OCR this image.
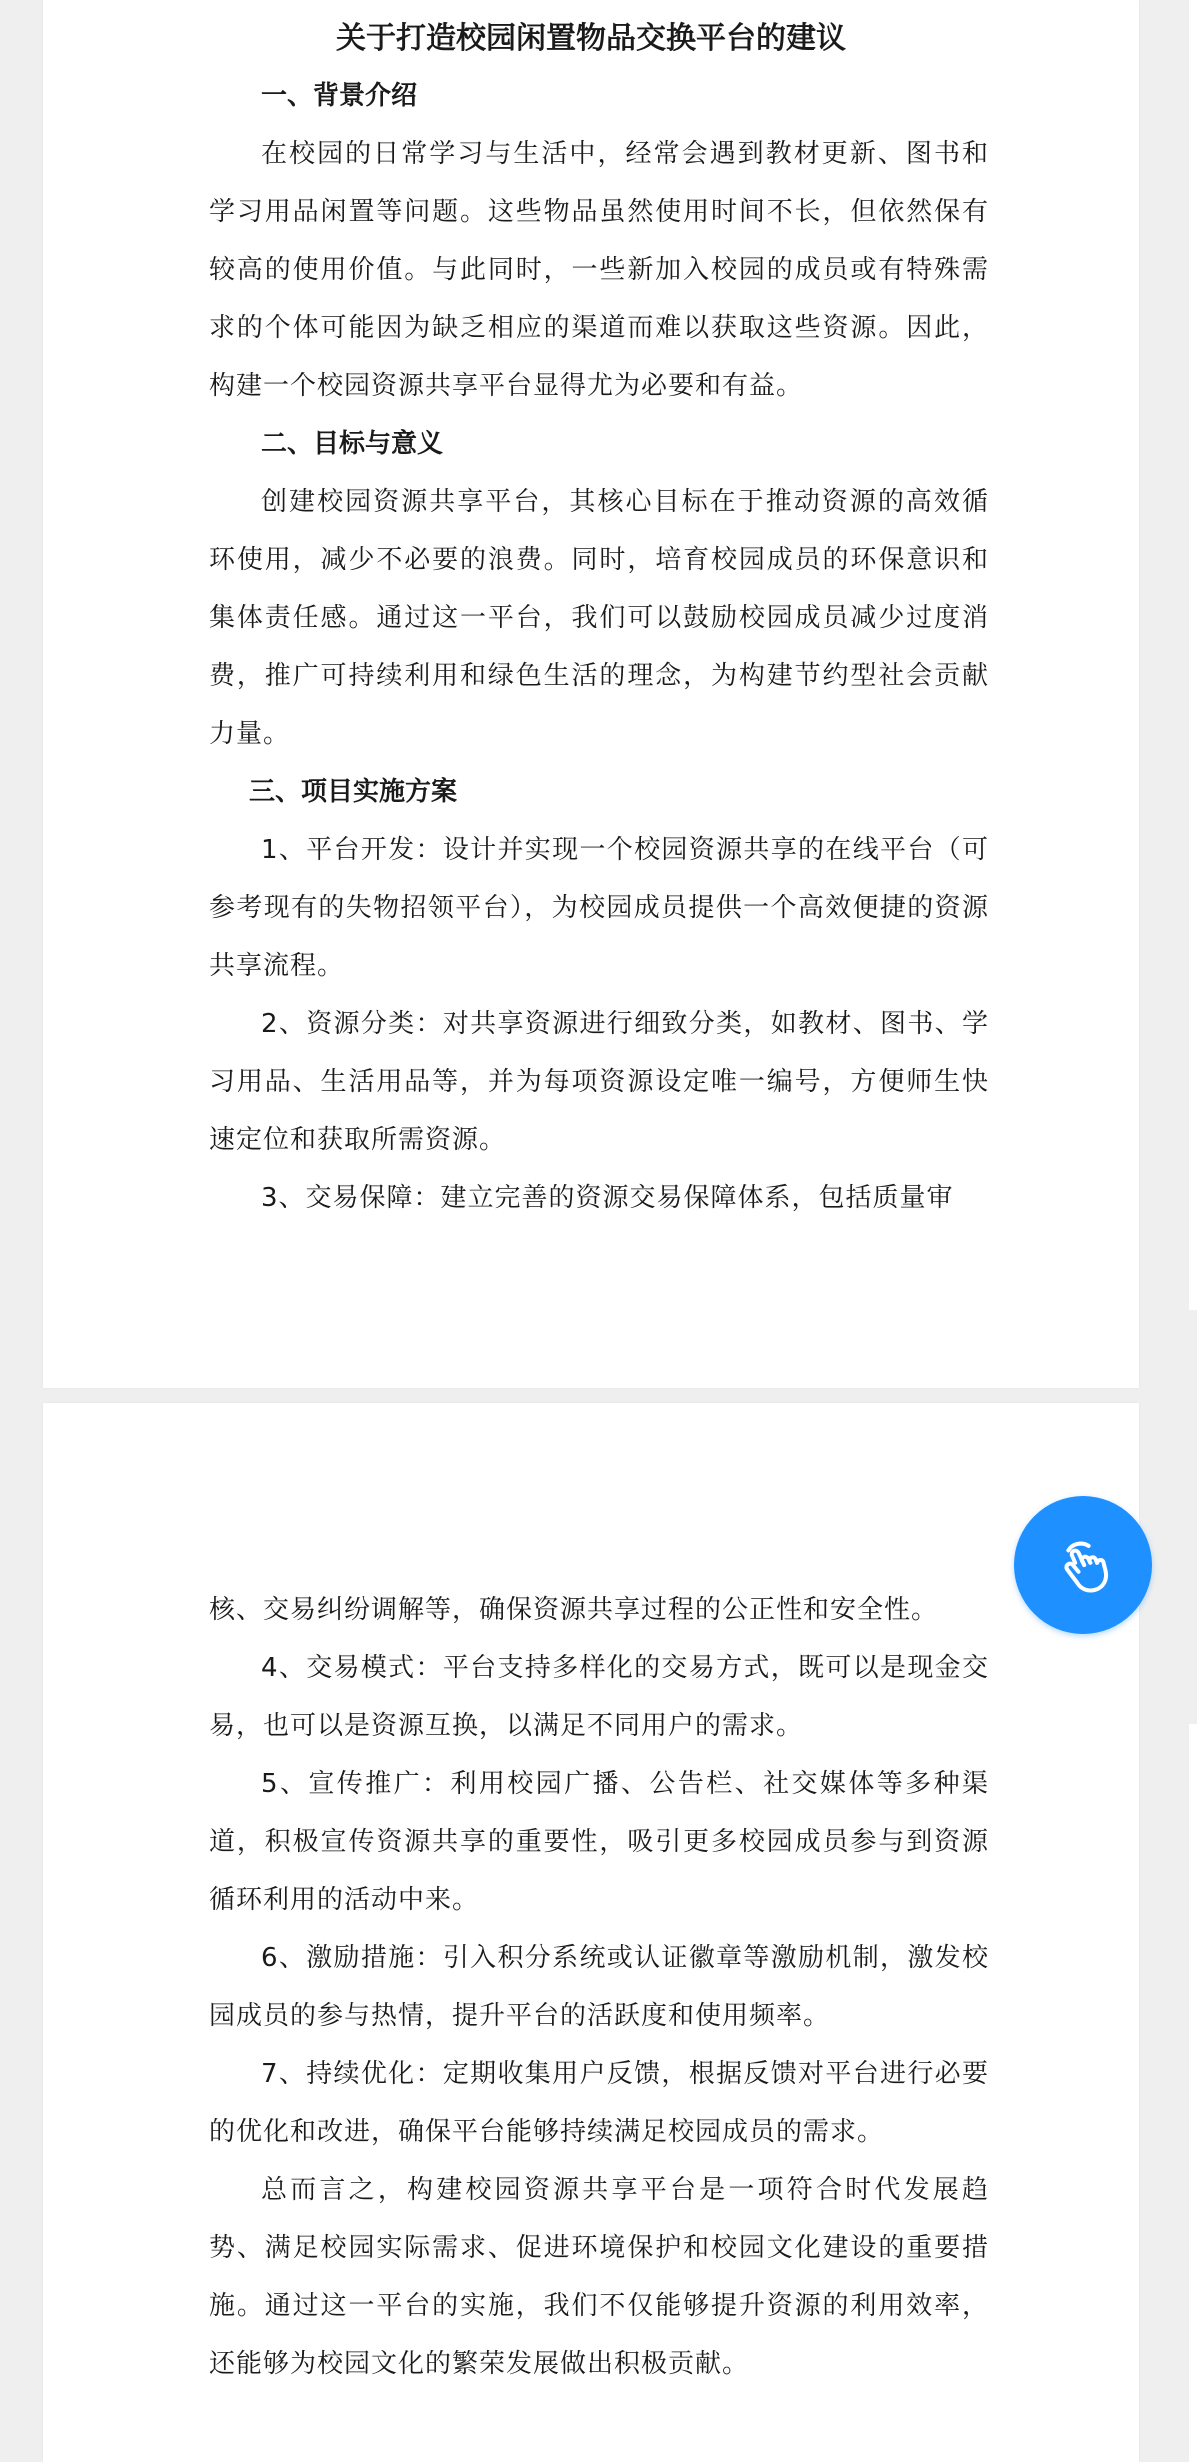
关于打造校园闲置物品交换平台的建议

一、背景介绍

在校园的日常学习与生活中，经常会遇到教材更新、图书和学习用品闲置等问题。这些物品虽然使用时间不长，但依然保有较高的使用价值。与此同时，一些新加入校园的成员或有特殊需求的个体可能因为缺乏相应的渠道而难以获取这些资源。因此，构建一个校园资源共享平台显得尤为必要和有益。

二、目标与意义

创建校园资源共享平台，其核心目标在于推动资源的高效循环使用，减少不必要的浪费。同时，培育校园成员的环保意识和集体责任感。通过这一平台，我们可以鼓励校园成员减少过度消费，推广可持续利用和绿色生活的理念，为构建节约型社会贡献力量。

三、项目实施方案

1、平台开发：设计并实现一个校园资源共享的在线平台（可参考现有的失物招领平台），为校园成员提供一个高效便捷的资源共享流程。

2、资源分类：对共享资源进行细致分类，如教材、图书、学习用品、生活用品等，并为每项资源设定唯一编号，方便师生快速定位和获取所需资源。

3、交易保障：建立完善的资源交易保障体系，包括质量审

核、交易纠纷调解等，确保资源共享过程的公正性和安全性。

4、交易模式：平台支持多样化的交易方式，既可以是现金交易，也可以是资源互换，以满足不同用户的需求。

5、宣传推广：利用校园广播、公告栏、社交媒体等多种渠道，积极宣传资源共享的重要性，吸引更多校园成员参与到资源循环利用的活动中来。

6、激励措施：引入积分系统或认证徽章等激励机制，激发校园成员的参与热情，提升平台的活跃度和使用频率。

7、持续优化：定期收集用户反馈，根据反馈对平台进行必要的优化和改进，确保平台能够持续满足校园成员的需求。

总而言之，构建校园资源共享平台是一项符合时代发展趋势、满足校园实际需求、促进环境保护和校园文化建设的重要措施。通过这一平台的实施，我们不仅能够提升资源的利用效率，还能够为校园文化的繁荣发展做出积极贡献。
